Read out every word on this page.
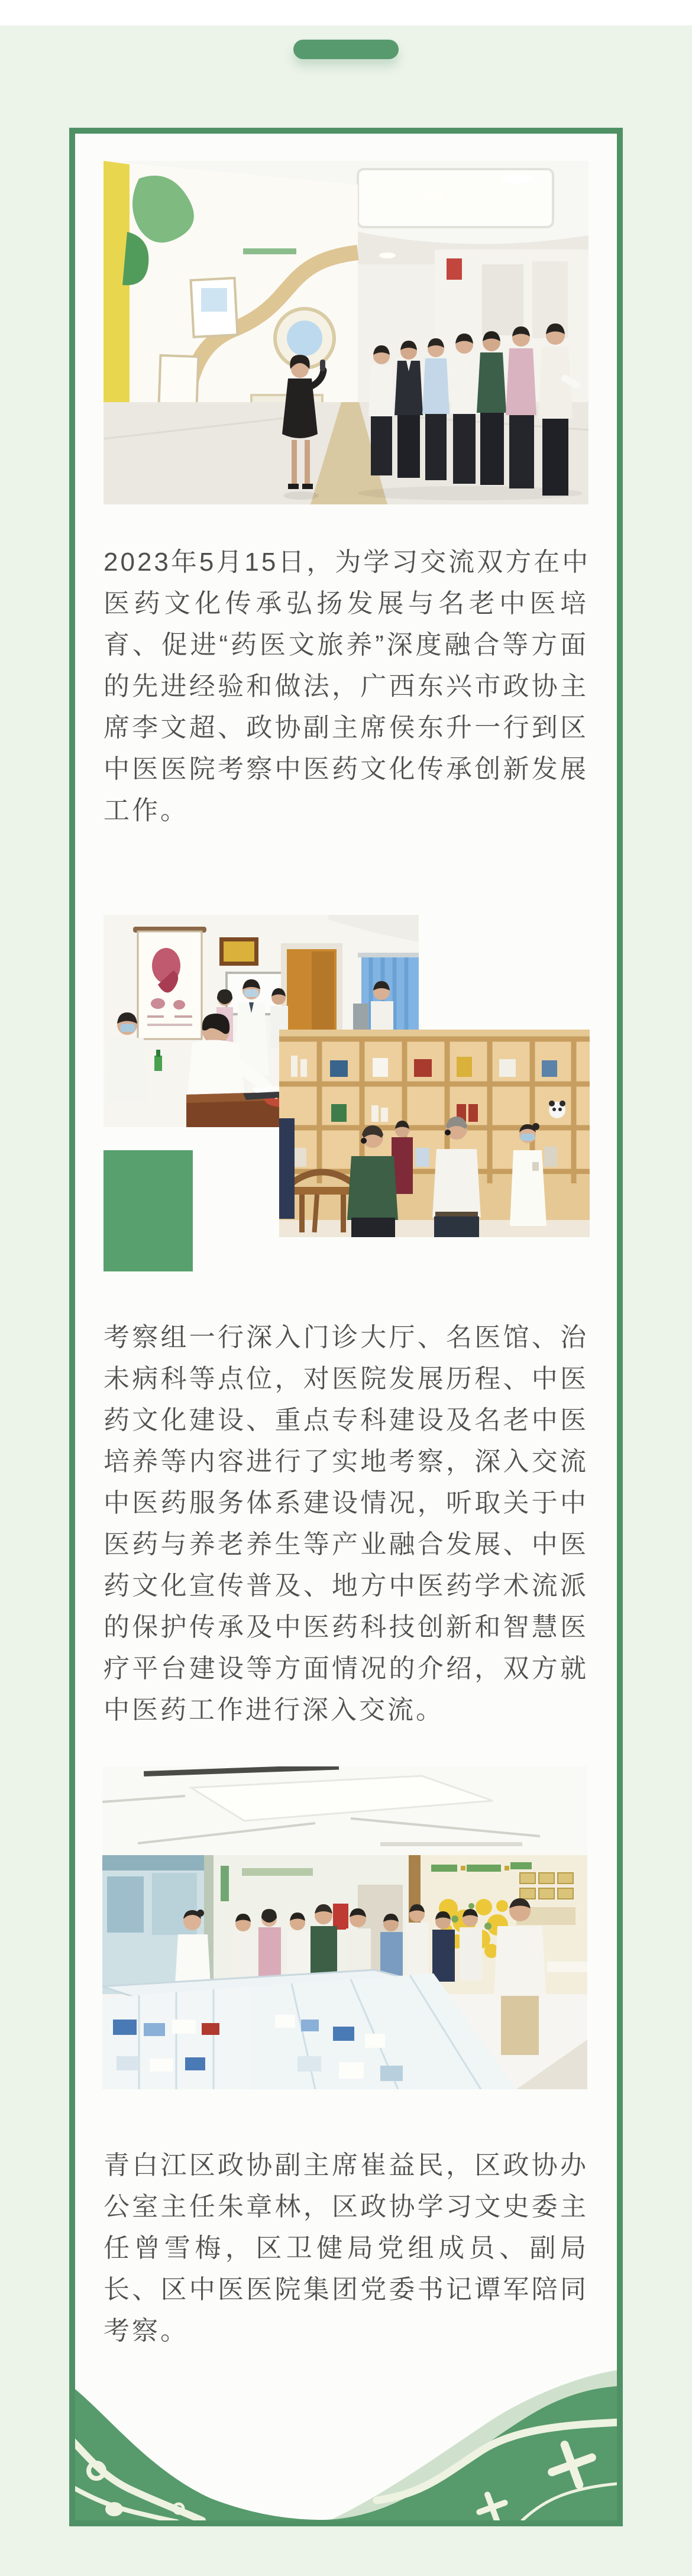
2023年5月15日，为学习交流双方在中
医药文化传承弘扬发展与名老中医培
育、促进“药医文旅养”深度融合等方面
的先进经验和做法，广西东兴市政协主
席李文超、政协副主席侯东升一行到区
中医医院考察中医药文化传承创新发展
工作。
考察组一行深入门诊大厅、名医馆、治
未病科等点位，对医院发展历程、中医
药文化建设、重点专科建设及名老中医
培养等内容进行了实地考察，深入交流
中医药服务体系建设情况，听取关于中
医药与养老养生等产业融合发展、中医
药文化宣传普及、地方中医药学术流派
的保护传承及中医药科技创新和智慧医
疗平台建设等方面情况的介绍，双方就
中医药工作进行深入交流。
青白江区政协副主席崔益民，区政协办
公室主任朱章林，区政协学习文史委主
任曾雪梅，区卫健局党组成员、副局
长、区中医医院集团党委书记谭军陪同
考察。
